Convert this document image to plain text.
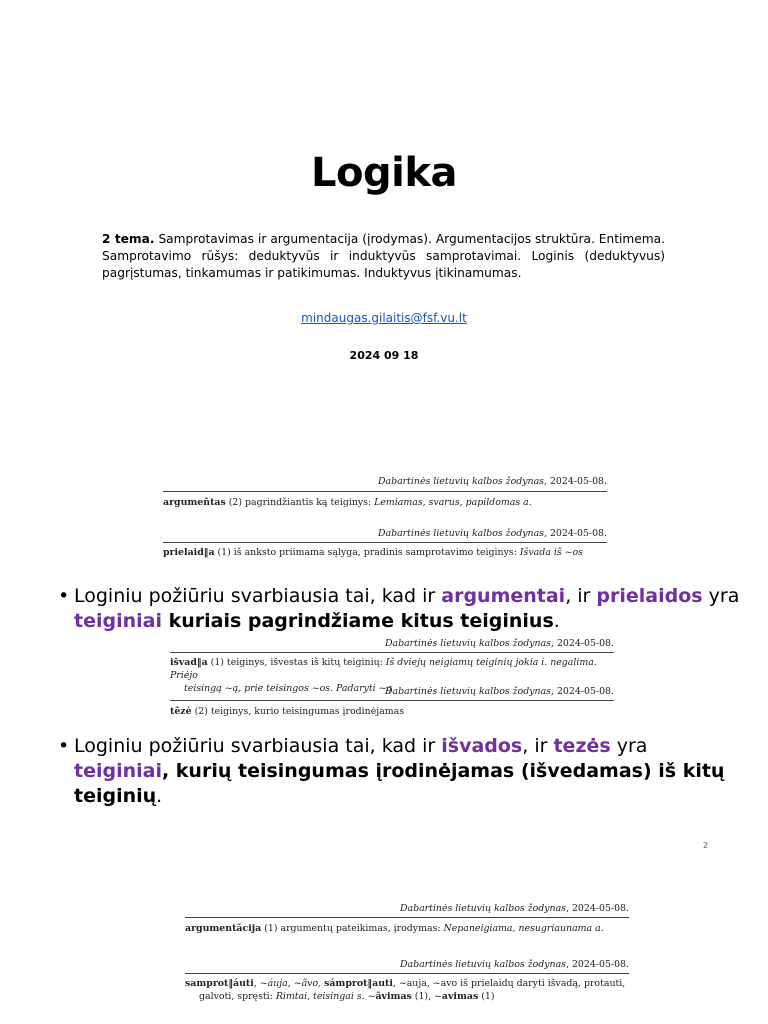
Logika
2 tema. Samprotavimas ir argumentacija (įrodymas). Argumentacijos struktūra. Entimema. Samprotavimo rūšys: deduktyvūs ir induktyvūs samprotavimai. Loginis (deduktyvus) pagrįstumas, tinkamumas ir patikimumas. Induktyvus įtikinamumas.
mindaugas.gilaitis@fsf.vu.lt
2024 09 18
Dabartinės lietuvių kalbos žodynas, 2024-05-08.
argumeñtas (2) pagrindžiantis ką teiginys: Lemiamas, svarus, papildomas a.
Dabartinės lietuvių kalbos žodynas, 2024-05-08.
prielaid‖a (1) iš anksto priimama sąlyga, pradinis samprotavimo teiginys: Išvada iš ~os
• Loginiu požiūriu svarbiausia tai, kad ir argumentai, ir prielaidos yra
teiginiai kuriais pagrindžiame kitus teiginius.
Dabartinės lietuvių kalbos žodynas, 2024-05-08.
išvad‖a (1) teiginys, išvestas iš kitų teiginių: Iš dviejų neigiamų teiginių jokia i. negalima. Priėjo
teisingą ~ą, prie teisingos ~os. Padaryti ~ą
Dabartinės lietuvių kalbos žodynas, 2024-05-08.
tẽzė (2) teiginys, kurio teisingumas įrodinėjamas
• Loginiu požiūriu svarbiausia tai, kad ir išvados, ir tezės yra
teiginiai, kurių teisingumas įrodinėjamas (išvedamas) iš kitų teiginių.
2
Dabartinės lietuvių kalbos žodynas, 2024-05-08.
argumentãcija (1) argumentų pateikimas, įrodymas: Nepaneigiama, nesugriaunama a.
Dabartinės lietuvių kalbos žodynas, 2024-05-08.
samprot‖áuti, ~áuja, ~ãvo, sámprot‖auti, ~auja, ~avo iš prielaidų daryti išvadą, protauti,
galvoti, spręsti: Rimtai, teisingai s. ~ãvimas (1), ~avimas (1)
